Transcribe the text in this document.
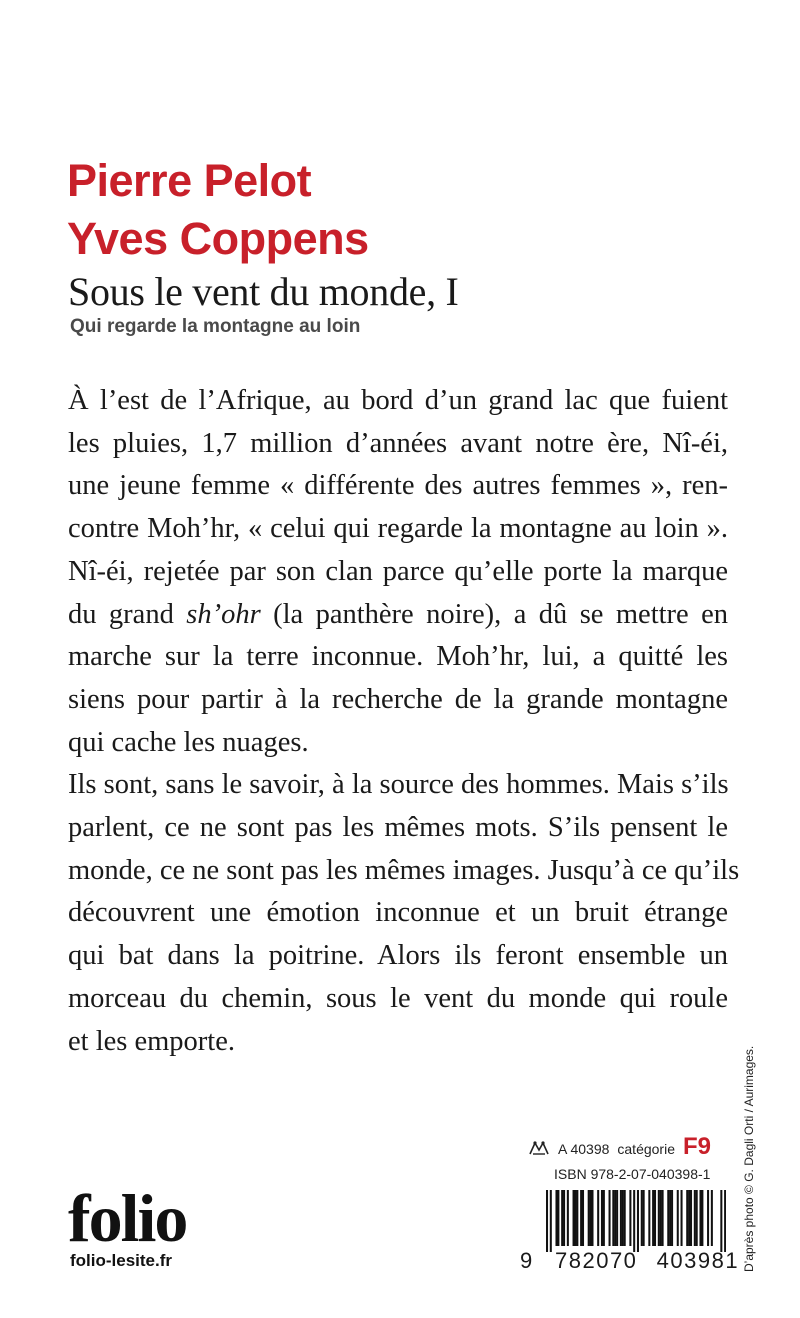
Pierre Pelot
Yves Coppens
Sous le vent du monde, I
Qui regarde la montagne au loin
À l’est de l’Afrique, au bord d’un grand lac que fuient
les pluies, 1,7 million d’années avant notre ère, Nî-éi,
une jeune femme « différente des autres femmes », ren-
contre Moh’hr, « celui qui regarde la montagne au loin ».
Nî-éi, rejetée par son clan parce qu’elle porte la marque
du grand sh’ohr (la panthère noire), a dû se mettre en
marche sur la terre inconnue. Moh’hr, lui, a quitté les
siens pour partir à la recherche de la grande montagne
qui cache les nuages.
Ils sont, sans le savoir, à la source des hommes. Mais s’ils
parlent, ce ne sont pas les mêmes mots. S’ils pensent le
monde, ce ne sont pas les mêmes images. Jusqu’à ce qu’ils
découvrent une émotion inconnue et un bruit étrange
qui bat dans la poitrine. Alors ils feront ensemble un
morceau du chemin, sous le vent du monde qui roule
et les emporte.
D’après photo © G. Dagli Orti / Aurimages.
A 40398 catégorie F9
ISBN 978-2-07-040398-1
9 782070 403981
folio
folio-lesite.fr
